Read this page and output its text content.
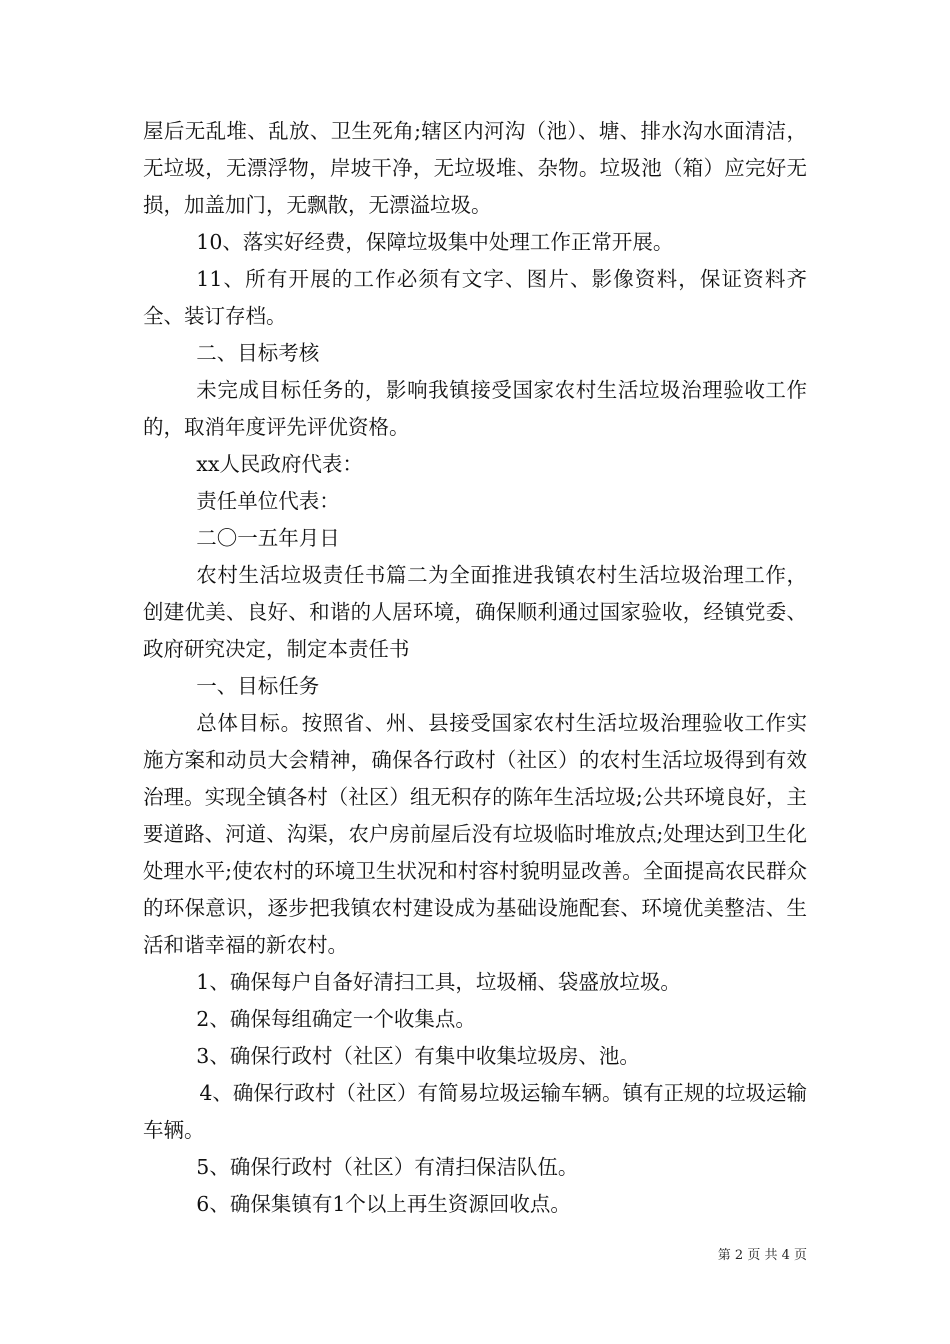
屋后无乱堆、乱放、卫生死角;辖区内河沟（池）、塘、排水沟水面清洁，无垃圾，无漂浮物，岸坡干净，无垃圾堆、杂物。垃圾池（箱）应完好无损，加盖加门，无飘散，无漂溢垃圾。

10、落实好经费，保障垃圾集中处理工作正常开展。

11、所有开展的工作必须有文字、图片、影像资料，保证资料齐全、装订存档。

二、目标考核

未完成目标任务的，影响我镇接受国家农村生活垃圾治理验收工作的，取消年度评先评优资格。

xx人民政府代表：

责任单位代表：

二〇一五年月日

农村生活垃圾责任书篇二为全面推进我镇农村生活垃圾治理工作，创建优美、良好、和谐的人居环境，确保顺利通过国家验收，经镇党委、政府研究决定，制定本责任书

一、目标任务

总体目标。按照省、州、县接受国家农村生活垃圾治理验收工作实施方案和动员大会精神，确保各行政村（社区）的农村生活垃圾得到有效治理。实现全镇各村（社区）组无积存的陈年生活垃圾;公共环境良好，主要道路、河道、沟渠，农户房前屋后没有垃圾临时堆放点;处理达到卫生化处理水平;使农村的环境卫生状况和村容村貌明显改善。全面提高农民群众的环保意识，逐步把我镇农村建设成为基础设施配套、环境优美整洁、生活和谐幸福的新农村。

1、确保每户自备好清扫工具，垃圾桶、袋盛放垃圾。

2、确保每组确定一个收集点。

3、确保行政村（社区）有集中收集垃圾房、池。

4、确保行政村（社区）有简易垃圾运输车辆。镇有正规的垃圾运输车辆。

5、确保行政村（社区）有清扫保洁队伍。

6、确保集镇有1个以上再生资源回收点。

第 2 页 共 4 页
